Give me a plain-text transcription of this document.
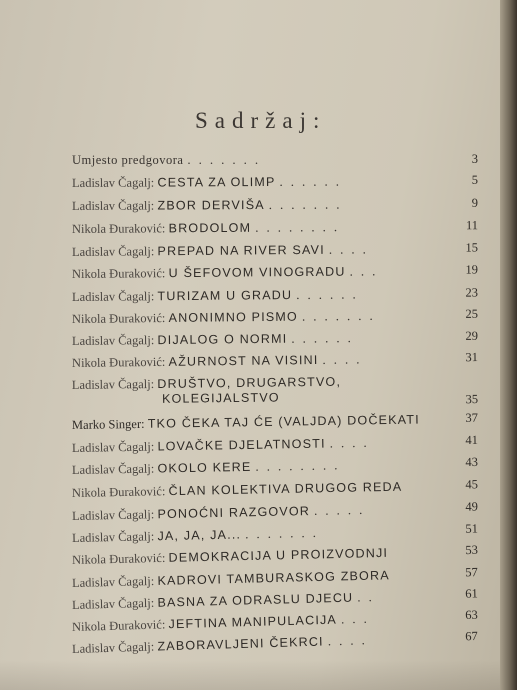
Sadržaj:
Umjesto predgovora .......	3
Ladislav Čagalj: CESTA ZA OLIMP ......	5
Ladislav Čagalj: ZBOR DERVIŠA .......	9
Nikola Đuraković: BRODOLOM ........	11
Ladislav Čagalj: PREPAD NA RIVER SAVI ....	15
Nikola Đuraković: U ŠEFOVOM VINOGRADU ...	19
Ladislav Čagalj: TURIZAM U GRADU ......	23
Nikola Đuraković: ANONIMNO PISMO .......	25
Ladislav Čagalj: DIJALOG O NORMI ......	29
Nikola Đuraković: AŽURNOST NA VISINI ....	31
Ladislav Čagalj: DRUŠTVO, DRUGARSTVO,
KOLEGIJALSTVO	35
Marko Singer: TKO ČEKA TAJ ĆE (VALJDA) DOČEKATI	37
Ladislav Čagalj: LOVAČKE DJELATNOSTI ....	41
Ladislav Čagalj: OKOLO KERE ........	43
Nikola Đuraković: ČLAN KOLEKTIVA DRUGOG REDA	45
Ladislav Čagalj: PONOĆNI RAZGOVOR .....	49
Ladislav Čagalj: JA, JA, JA... .......	51
Nikola Đuraković: DEMOKRACIJA U PROIZVODNJI	53
Ladislav Čagalj: KADROVI TAMBURASKOG ZBORA	57
Ladislav Čagalj: BASNA ZA ODRASLU DJECU ..	61
Nikola Đuraković: JEFTINA MANIPULACIJA ...	63
Ladislav Čagalj: ZABORAVLJENI ČEKRCI ....	67
